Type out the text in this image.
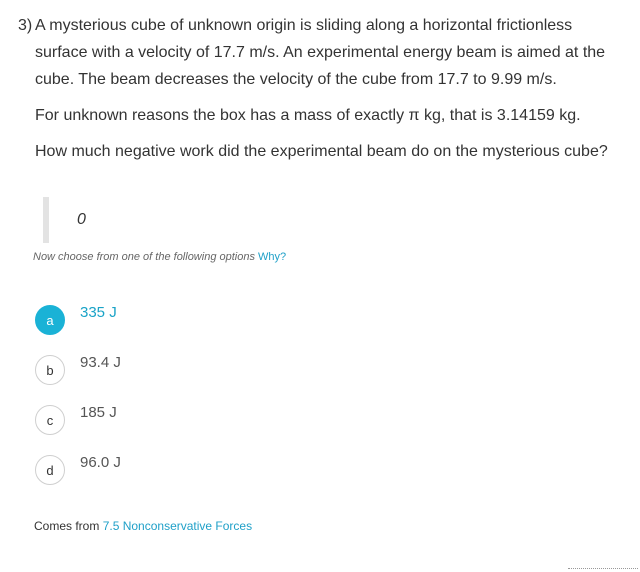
3) A mysterious cube of unknown origin is sliding along a horizontal frictionless surface with a velocity of 17.7 m/s. An experimental energy beam is aimed at the cube. The beam decreases the velocity of the cube from 17.7 to 9.99 m/s.
For unknown reasons the box has a mass of exactly π kg, that is 3.14159 kg.
How much negative work did the experimental beam do on the mysterious cube?
0
Now choose from one of the following options Why?
a	335 J
b	93.4 J
c	185 J
d	96.0 J
Comes from 7.5 Nonconservative Forces
